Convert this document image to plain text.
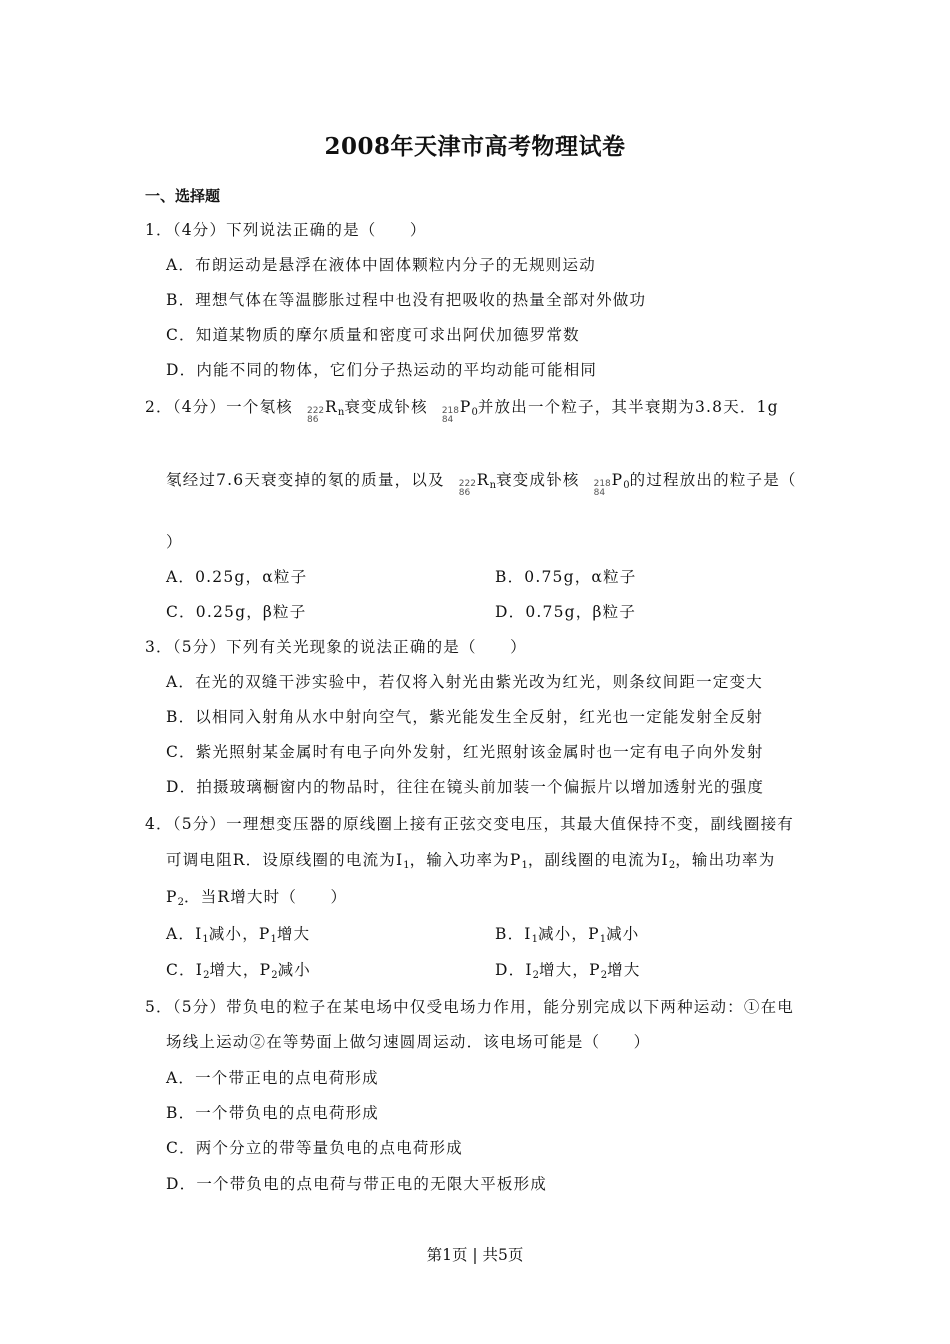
2008年天津市高考物理试卷
一、选择题
1．（4分）下列说法正确的是（　　）
A．布朗运动是悬浮在液体中固体颗粒内分子的无规则运动
B．理想气体在等温膨胀过程中也没有把吸收的热量全部对外做功
C．知道某物质的摩尔质量和密度可求出阿伏加德罗常数
D．内能不同的物体，它们分子热运动的平均动能可能相同
2．（4分）一个氡核 222
86
$R_n$衰变成钋核 218
84
$P_0$并放出一个粒子，其半衰期为3.8天．1g
氡经过7.6天衰变掉的氡的质量，以及 222
86
$R_n$衰变成钋核 218
84
$P_0$的过程放出的粒子是（
）
A．0.25g，α粒子	B．0.75g，α粒子
C．0.25g，β粒子	D．0.75g，β粒子
3．（5分）下列有关光现象的说法正确的是（　　）
A．在光的双缝干涉实验中，若仅将入射光由紫光改为红光，则条纹间距一定变大
B．以相同入射角从水中射向空气，紫光能发生全反射，红光也一定能发射全反射
C．紫光照射某金属时有电子向外发射，红光照射该金属时也一定有电子向外发射
D．拍摄玻璃橱窗内的物品时，往往在镜头前加装一个偏振片以增加透射光的强度
4．（5分）一理想变压器的原线圈上接有正弦交变电压，其最大值保持不变，副线圈接有
可调电阻R．设原线圈的电流为$I_1$，输入功率为$P_1$，副线圈的电流为$I_2$，输出功率为
$P_2$．当R增大时（　　）
A．$I_1$减小，$P_1$增大	B．$I_1$减小，$P_1$减小
C．$I_2$增大，$P_2$减小	D．$I_2$增大，$P_2$增大
5．（5分）带负电的粒子在某电场中仅受电场力作用，能分别完成以下两种运动：①在电
场线上运动②在等势面上做匀速圆周运动．该电场可能是（　　）
A．一个带正电的点电荷形成
B．一个带负电的点电荷形成
C．两个分立的带等量负电的点电荷形成
D．一个带负电的点电荷与带正电的无限大平板形成
第1页 | 共5页
